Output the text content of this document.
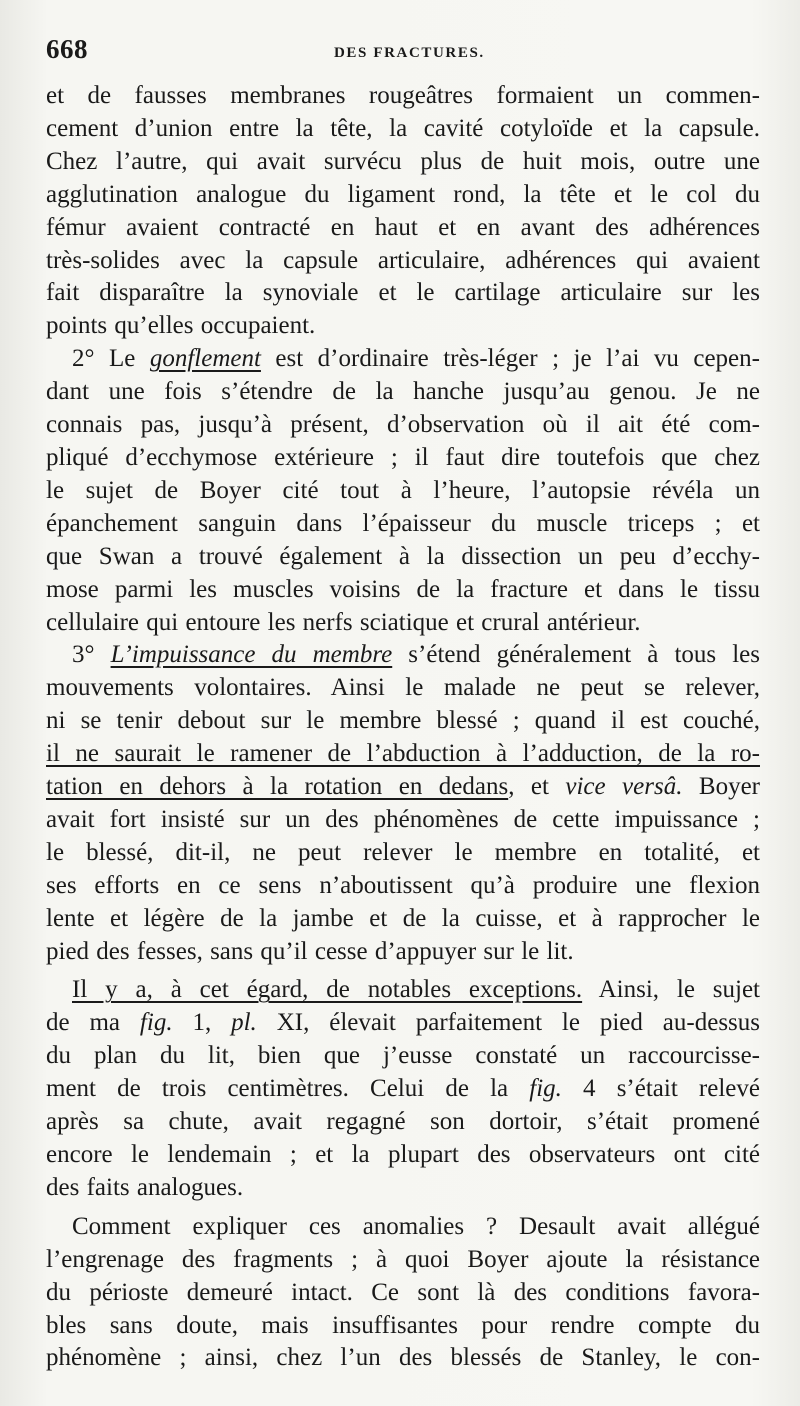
668	DES FRACTURES.

et de fausses membranes rougeâtres formaient un commen-
cement d’union entre la tête, la cavité cotyloïde et la capsule.
Chez l’autre, qui avait survécu plus de huit mois, outre une
agglutination analogue du ligament rond, la tête et le col du
fémur avaient contracté en haut et en avant des adhérences
très-solides avec la capsule articulaire, adhérences qui avaient
fait disparaître la synoviale et le cartilage articulaire sur les
points qu’elles occupaient.

2° Le gonflement est d’ordinaire très-léger ; je l’ai vu cepen-
dant une fois s’étendre de la hanche jusqu’au genou. Je ne
connais pas, jusqu’à présent, d’observation où il ait été com-
pliqué d’ecchymose extérieure ; il faut dire toutefois que chez
le sujet de Boyer cité tout à l’heure, l’autopsie révéla un
épanchement sanguin dans l’épaisseur du muscle triceps ; et
que Swan a trouvé également à la dissection un peu d’ecchy-
mose parmi les muscles voisins de la fracture et dans le tissu
cellulaire qui entoure les nerfs sciatique et crural antérieur.

3° L’impuissance du membre s’étend généralement à tous les
mouvements volontaires. Ainsi le malade ne peut se relever,
ni se tenir debout sur le membre blessé ; quand il est couché,
il ne saurait le ramener de l’abduction à l’adduction, de la ro-
tation en dehors à la rotation en dedans, et vice versâ. Boyer
avait fort insisté sur un des phénomènes de cette impuissance ;
le blessé, dit-il, ne peut relever le membre en totalité, et
ses efforts en ce sens n’aboutissent qu’à produire une flexion
lente et légère de la jambe et de la cuisse, et à rapprocher le
pied des fesses, sans qu’il cesse d’appuyer sur le lit.

Il y a, à cet égard, de notables exceptions. Ainsi, le sujet
de ma fig. 1, pl. XI, élevait parfaitement le pied au-dessus
du plan du lit, bien que j’eusse constaté un raccourcisse-
ment de trois centimètres. Celui de la fig. 4 s’était relevé
après sa chute, avait regagné son dortoir, s’était promené
encore le lendemain ; et la plupart des observateurs ont cité
des faits analogues.

Comment expliquer ces anomalies ? Desault avait allégué
l’engrenage des fragments ; à quoi Boyer ajoute la résistance
du périoste demeuré intact. Ce sont là des conditions favora-
bles sans doute, mais insuffisantes pour rendre compte du
phénomène ; ainsi, chez l’un des blessés de Stanley, le con-
